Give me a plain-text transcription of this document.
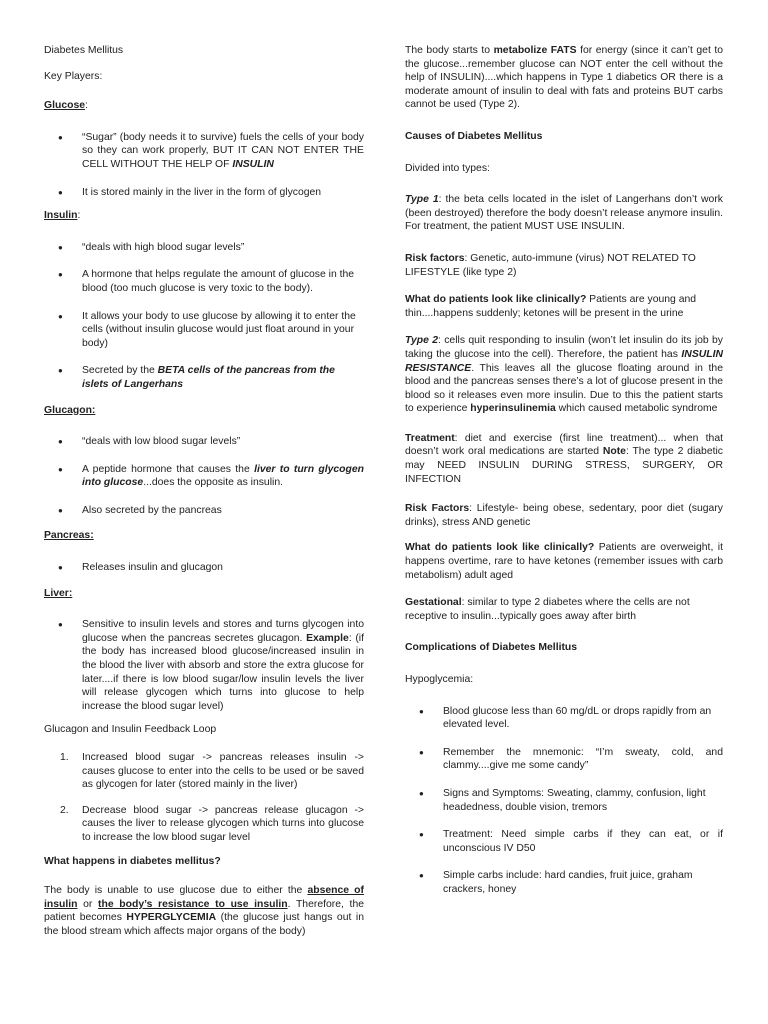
Diabetes Mellitus

Key Players:

Glucose:
● “Sugar” (body needs it to survive) fuels the cells of your body so they can work properly, BUT IT CAN NOT ENTER THE CELL WITHOUT THE HELP OF INSULIN
● It is stored mainly in the liver in the form of glycogen
Insulin:
● “deals with high blood sugar levels”
● A hormone that helps regulate the amount of glucose in the blood (too much glucose is very toxic to the body).
● It allows your body to use glucose by allowing it to enter the cells (without insulin glucose would just float around in your body)
● Secreted by the BETA cells of the pancreas from the islets of Langerhans
Glucagon:
● “deals with low blood sugar levels”
● A peptide hormone that causes the liver to turn glycogen into glucose...does the opposite as insulin.
● Also secreted by the pancreas
Pancreas:
● Releases insulin and glucagon
Liver:
● Sensitive to insulin levels and stores and turns glycogen into glucose when the pancreas secretes glucagon. Example: (if the body has increased blood glucose/increased insulin in the blood the liver with absorb and store the extra glucose for later....if there is low blood sugar/low insulin levels the liver will release glycogen which turns into glucose to help increase the blood sugar level)

Glucagon and Insulin Feedback Loop

1. Increased blood sugar -> pancreas releases insulin -> causes glucose to enter into the cells to be used or be saved as glycogen for later (stored mainly in the liver)
2. Decrease blood sugar -> pancreas release glucagon -> causes the liver to release glycogen which turns into glucose to increase the low blood sugar level
What happens in diabetes mellitus?

The body is unable to use glucose due to either the absence of insulin or the body’s resistance to use insulin. Therefore, the patient becomes HYPERGLYCEMIA (the glucose just hangs out in the blood stream which affects major organs of the body)

The body starts to metabolize FATS for energy (since it can’t get to the glucose...remember glucose can NOT enter the cell without the help of INSULIN)....which happens in Type 1 diabetics OR there is a moderate amount of insulin to deal with fats and proteins BUT carbs cannot be used (Type 2).

Causes of Diabetes Mellitus

Divided into types:

Type 1: the beta cells located in the islet of Langerhans don’t work (been destroyed) therefore the body doesn’t release anymore insulin. For treatment, the patient MUST USE INSULIN.

Risk factors: Genetic, auto-immune (virus) NOT RELATED TO LIFESTYLE (like type 2)

What do patients look like clinically? Patients are young and thin....happens suddenly; ketones will be present in the urine

Type 2: cells quit responding to insulin (won’t let insulin do its job by taking the glucose into the cell). Therefore, the patient has INSULIN RESISTANCE. This leaves all the glucose floating around in the blood and the pancreas senses there’s a lot of glucose present in the blood so it releases even more insulin. Due to this the patient starts to experience hyperinsulinemia which caused metabolic syndrome

Treatment: diet and exercise (first line treatment)... when that doesn’t work oral medications are started Note: The type 2 diabetic may NEED INSULIN DURING STRESS, SURGERY, OR INFECTION

Risk Factors: Lifestyle- being obese, sedentary, poor diet (sugary drinks), stress AND genetic

What do patients look like clinically? Patients are overweight, it happens overtime, rare to have ketones (remember issues with carb metabolism) adult aged

Gestational: similar to type 2 diabetes where the cells are not receptive to insulin...typically goes away after birth

Complications of Diabetes Mellitus

Hypoglycemia:

● Blood glucose less than 60 mg/dL or drops rapidly from an elevated level.
● Remember the mnemonic: “I’m sweaty, cold, and clammy....give me some candy”
● Signs and Symptoms: Sweating, clammy, confusion, light headedness, double vision, tremors
● Treatment: Need simple carbs if they can eat, or if unconscious IV D50
● Simple carbs include: hard candies, fruit juice, graham crackers, honey
